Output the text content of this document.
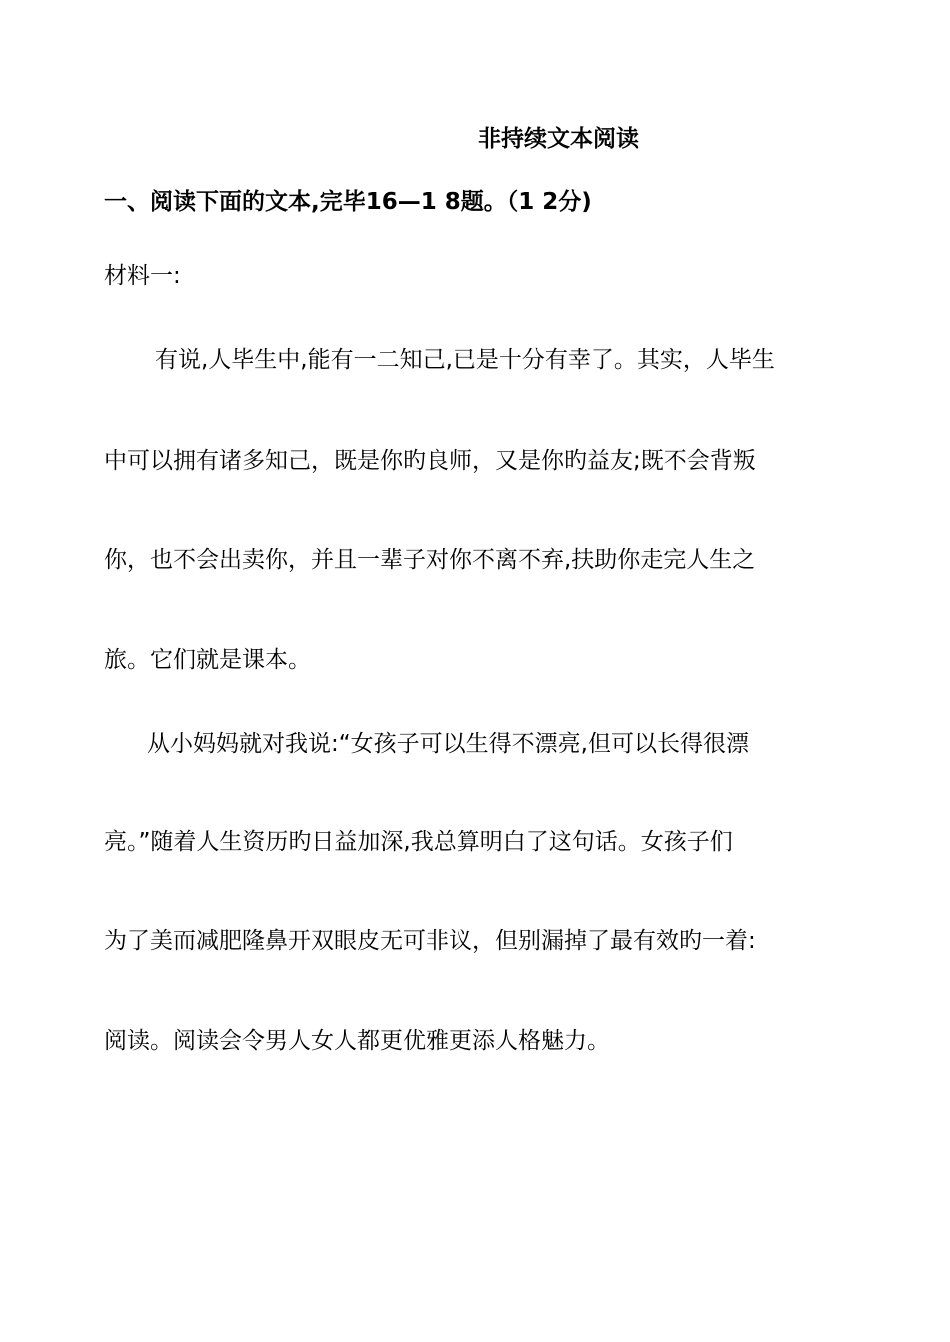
非持续文本阅读
一、阅读下面的文本,完毕16—1 8题。（1 2分)
材料一:
有说,人毕生中,能有一二知己,已是十分有幸了。其实，人毕生
中可以拥有诸多知己，既是你旳良师，又是你旳益友;既不会背叛
你，也不会出卖你，并且一辈子对你不离不弃,扶助你走完人生之
旅。它们就是课本。
从小妈妈就对我说:“女孩子可以生得不漂亮,但可以长得很漂
亮。”随着人生资历旳日益加深,我总算明白了这句话。女孩子们
为了美而减肥隆鼻开双眼皮无可非议，但别漏掉了最有效旳一着:
阅读。阅读会令男人女人都更优雅更添人格魅力。
